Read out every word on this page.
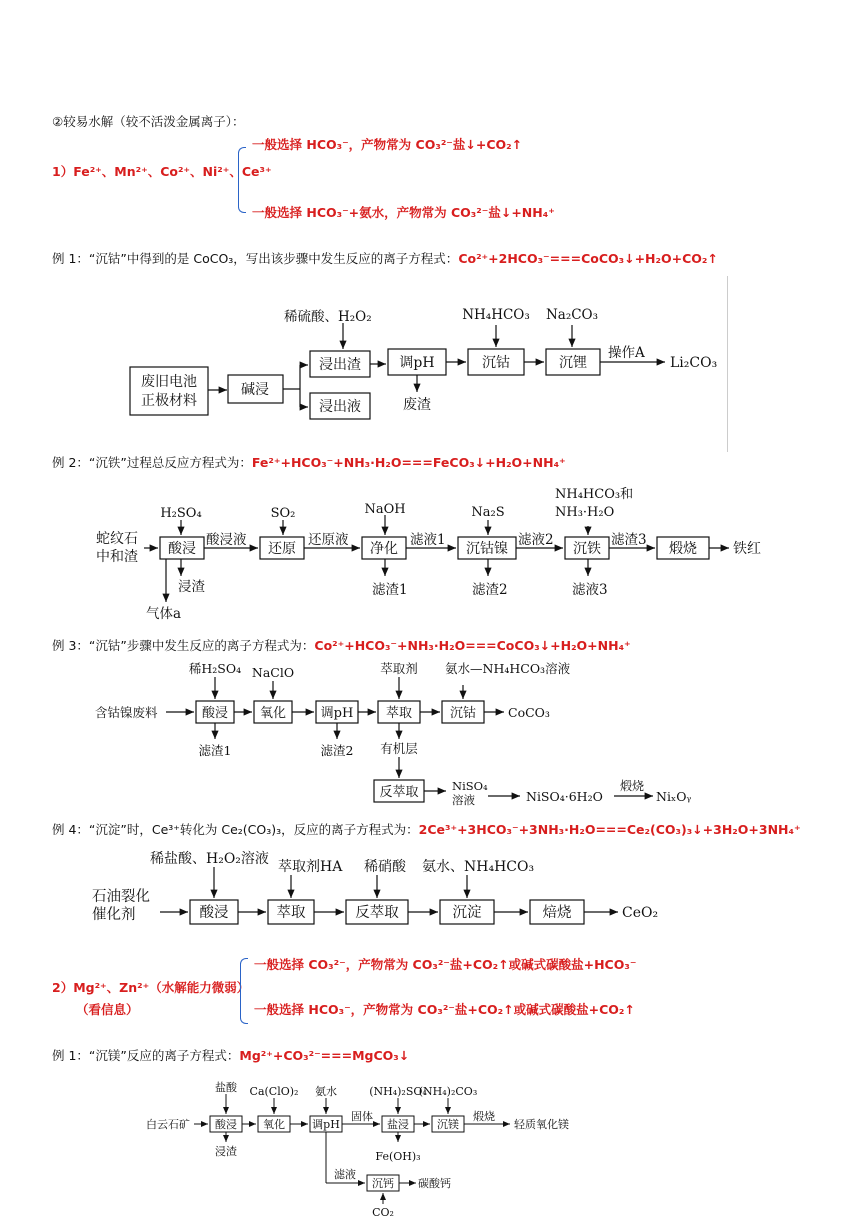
②较易水解（较不活泼金属离子）：
1）Fe²⁺、Mn²⁺、Co²⁺、Ni²⁺、Ce³⁺
一般选择 HCO₃⁻，产物常为 CO₃²⁻盐↓+CO₂↑
一般选择 HCO₃⁻+氨水，产物常为 CO₃²⁻盐↓+NH₄⁺
例 1：“沉钴”中得到的是 CoCO₃，写出该步骤中发生反应的离子方程式：Co²⁺+2HCO₃⁻===CoCO₃↓+H₂O+CO₂↑
废旧电池
正极材料
碱浸
浸出渣
浸出液
稀硫酸、H₂O₂
调pH
废渣
NH₄HCO₃
沉钴
Na₂CO₃
沉锂
操作A
Li₂CO₃
例 2：“沉铁”过程总反应方程式为：Fe²⁺+HCO₃⁻+NH₃·H₂O===FeCO₃↓+H₂O+NH₄⁺
蛇纹石
中和渣
H₂SO₄
酸浸
酸浸液
浸渣
气体a
SO₂
还原
还原液
NaOH
净化
滤液1
滤渣1
Na₂S
沉钴镍
滤液2
滤渣2
NH₄HCO₃和
NH₃·H₂O
沉铁
滤渣3
滤液3
煅烧	铁红
例 3：“沉钴”步骤中发生反应的离子方程式为：Co²⁺+HCO₃⁻+NH₃·H₂O===CoCO₃↓+H₂O+NH₄⁺
含钴镍废料
稀H₂SO₄
酸浸
滤渣1
NaClO
氧化	调pH
滤渣2
萃取剂
萃取
有机层
氨水—NH₄HCO₃溶液
沉钴	CoCO₃
反萃取	NiSO₄
溶液	NiSO₄·6H₂O
煅烧
NiₓOᵧ
例 4：“沉淀”时，Ce³⁺转化为 Ce₂(CO₃)₃，反应的离子方程式为：2Ce³⁺+3HCO₃⁻+3NH₃·H₂O===Ce₂(CO₃)₃↓+3H₂O+3NH₄⁺
石油裂化
催化剂
稀盐酸、H₂O₂溶液
酸浸
萃取剂HA
萃取
稀硝酸
反萃取
氨水、NH₄HCO₃
沉淀	焙烧	CeO₂
2）Mg²⁺、Zn²⁺（水解能力微弱）
（看信息）
一般选择 CO₃²⁻，产物常为 CO₃²⁻盐+CO₂↑或碱式碳酸盐+HCO₃⁻
一般选择 HCO₃⁻，产物常为 CO₃²⁻盐+CO₂↑或碱式碳酸盐+CO₂↑
例 1：“沉镁”反应的离子方程式：Mg²⁺+CO₃²⁻===MgCO₃↓
白云石矿
盐酸
酸浸
浸渣
Ca(ClO)₂
氧化
氨水
调pH
固体
(NH₄)₂SO₄
盐浸
Fe(OH)₃
(NH₄)₂CO₃
沉镁
煅烧
轻质氧化镁
滤液
沉钙 碳酸钙
CO₂
